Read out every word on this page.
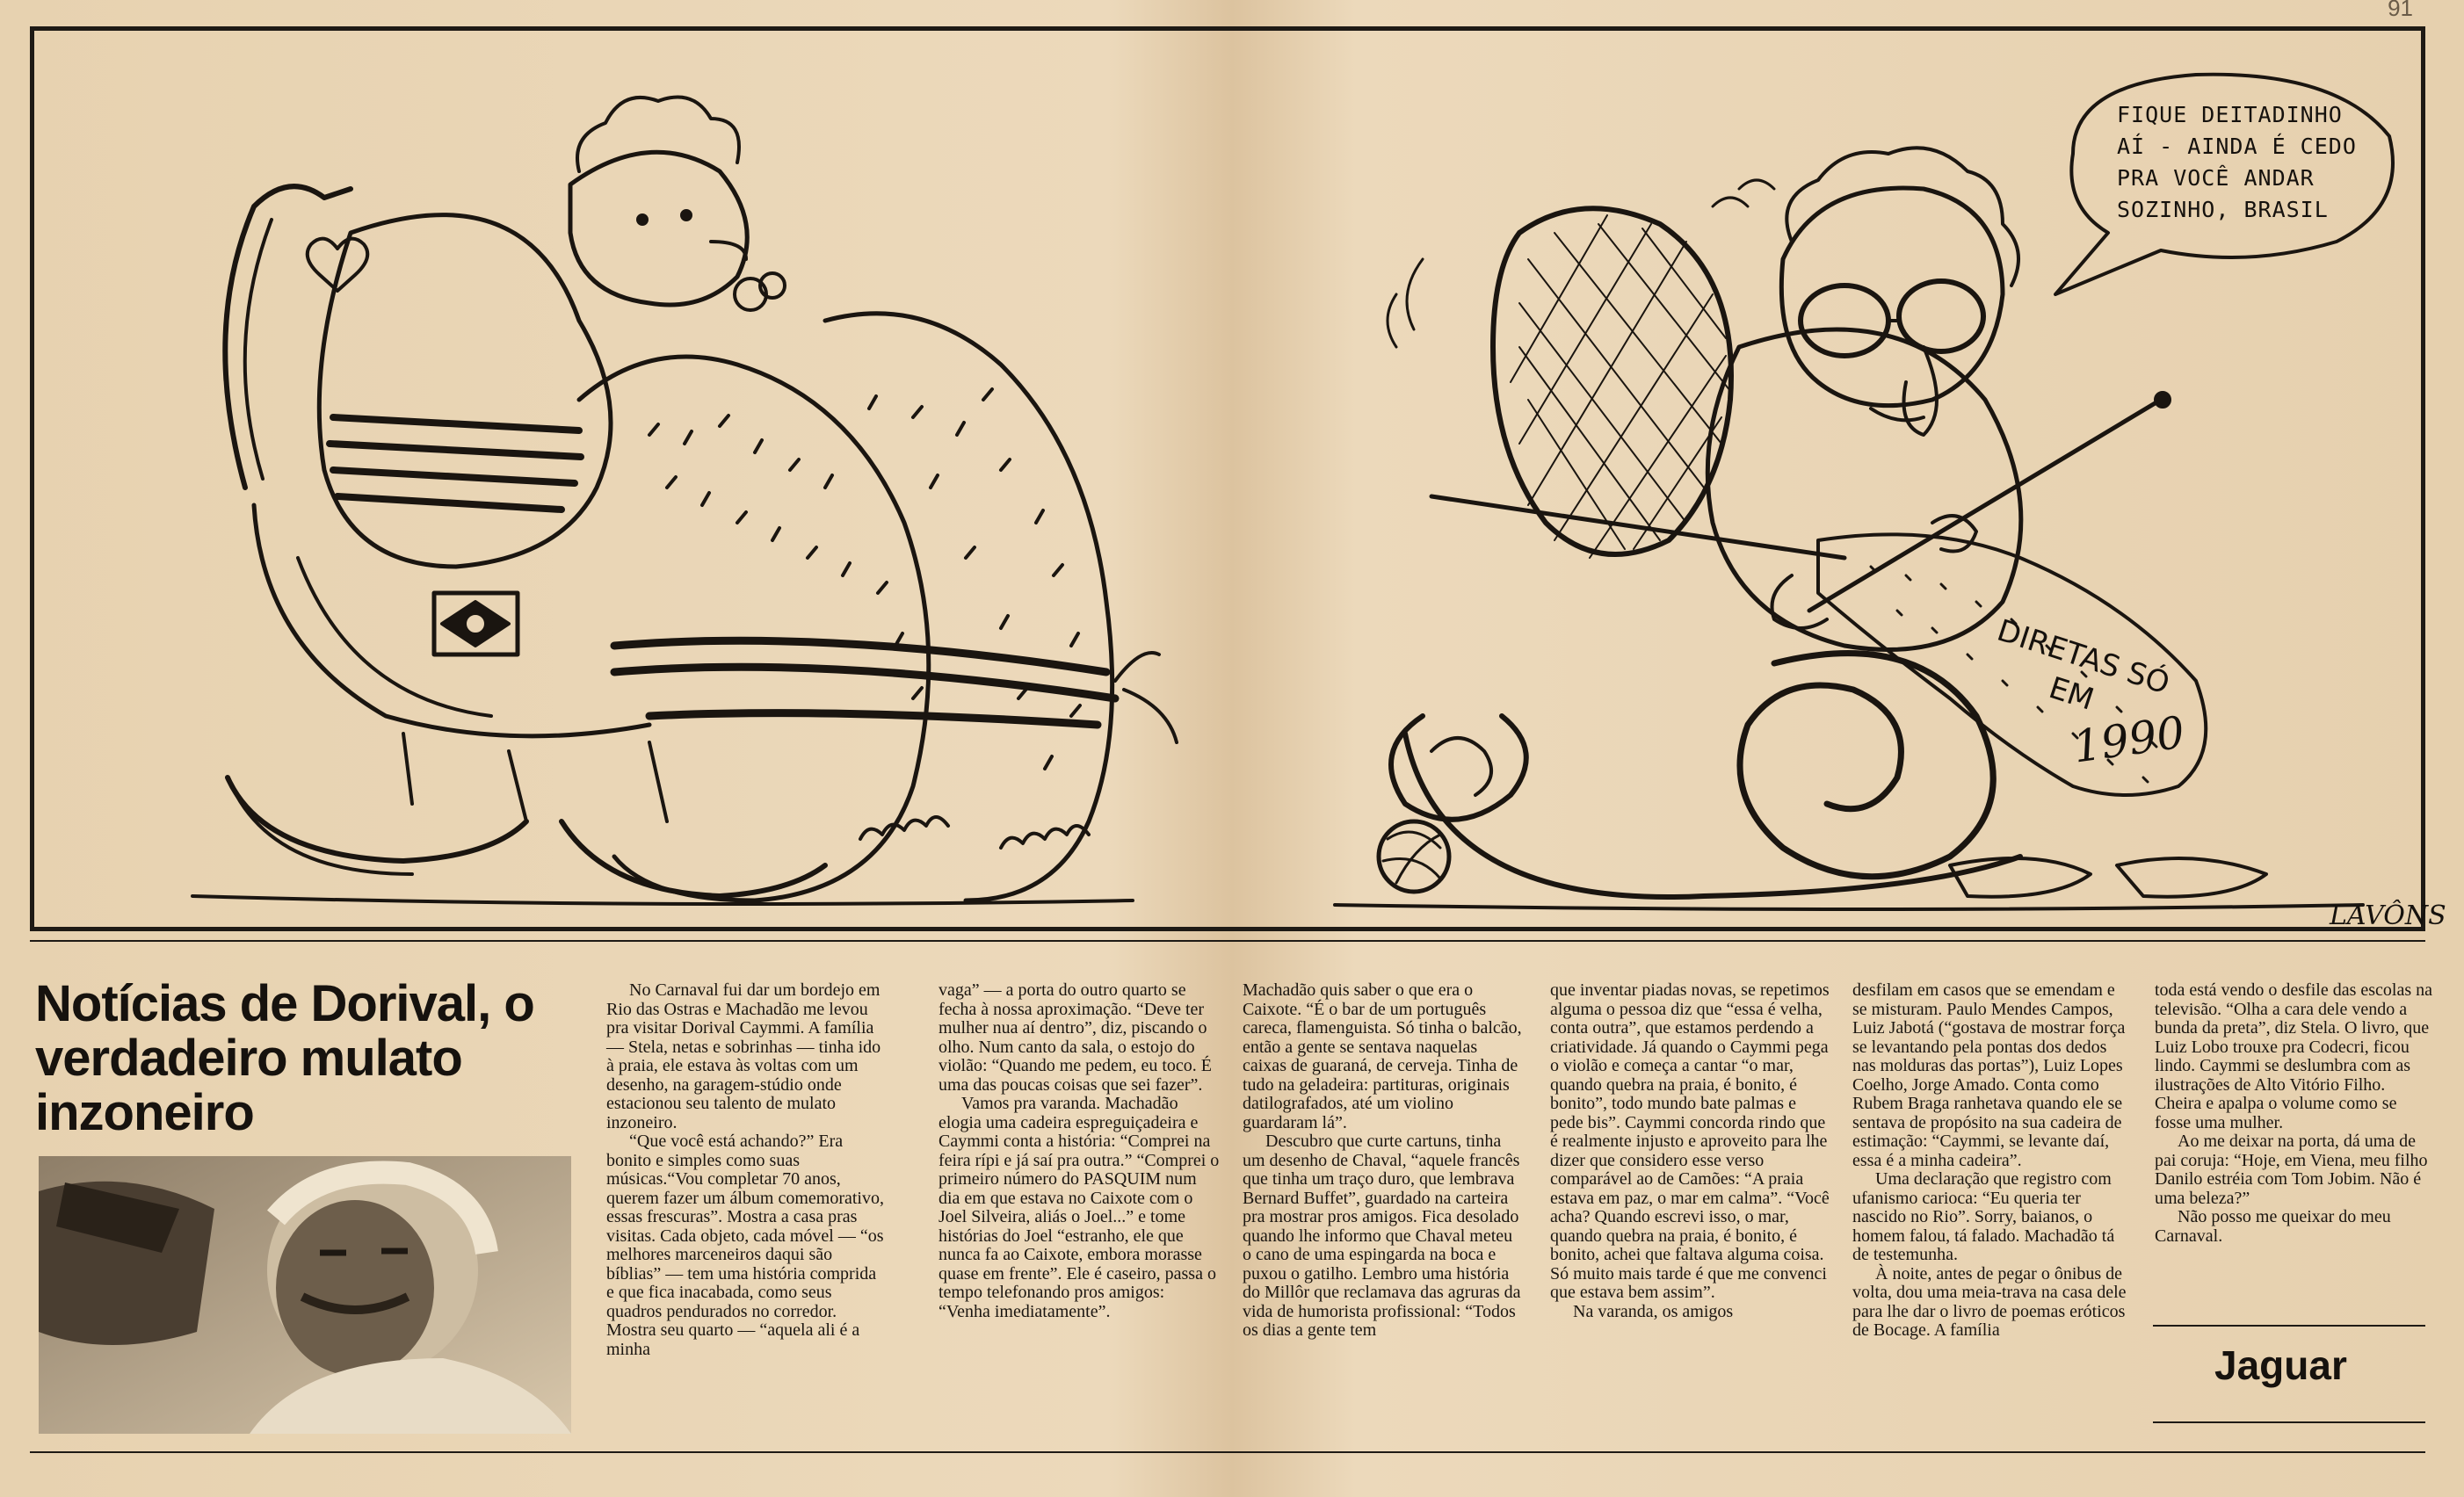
91
FIQUE DEITADINHO AÍ - AINDA É CEDO PRA VOCÊ ANDAR SOZINHO, BRASIL
DIRETAS SÓ EM
1990
LAVÔNS
Notícias de Dorival, o verdadeiro mulato inzoneiro

No Carnaval fui dar um bordejo em Rio das Ostras e Machadão me levou pra visitar Dorival Caymmi. A família — Stela, netas e sobrinhas — tinha ido à praia, ele estava às voltas com um desenho, na garagem-stúdio onde estacionou seu talento de mulato inzoneiro.

“Que você está achando?” Era bonito e simples como suas músicas.“Vou completar 70 anos, querem fazer um álbum comemorativo, essas frescuras”. Mostra a casa pras visitas. Cada objeto, cada móvel — “os melhores marceneiros daqui são bíblias” — tem uma história comprida e que fica inacabada, como seus quadros pendurados no corredor. Mostra seu quarto — “aquela ali é a minha

vaga” — a porta do outro quarto se fecha à nossa aproximação. “Deve ter mulher nua aí dentro”, diz, piscando o olho. Num canto da sala, o estojo do violão: “Quando me pedem, eu toco. É uma das poucas coisas que sei fazer”.

Vamos pra varanda. Machadão elogia uma cadeira espreguiçadeira e Caymmi conta a história: “Comprei na feira rípi e já saí pra outra.” “Comprei o primeiro número do PASQUIM num dia em que estava no Caixote com o Joel Silveira, aliás o Joel...” e tome histórias do Joel “estranho, ele que nunca fa ao Caixote, embora morasse quase em frente”. Ele é caseiro, passa o tempo telefonando pros amigos: “Venha imediatamente”.

Machadão quis saber o que era o Caixote. “É o bar de um português careca, flamenguista. Só tinha o balcão, então a gente se sentava naquelas caixas de guaraná, de cerveja. Tinha de tudo na geladeira: partituras, originais datilografados, até um violino guardaram lá”.

Descubro que curte cartuns, tinha um desenho de Chaval, “aquele francês que tinha um traço duro, que lembrava Bernard Buffet”, guardado na carteira pra mostrar pros amigos. Fica desolado quando lhe informo que Chaval meteu o cano de uma espingarda na boca e puxou o gatilho. Lembro uma história do Millôr que reclamava das agruras da vida de humorista profissional: “Todos os dias a gente tem

que inventar piadas novas, se repetimos alguma o pessoa diz que “essa é velha, conta outra”, que estamos perdendo a criatividade. Já quando o Caymmi pega o violão e começa a cantar “o mar, quando quebra na praia, é bonito, é bonito”, todo mundo bate palmas e pede bis”. Caymmi concorda rindo que é realmente injusto e aproveito para lhe dizer que considero esse verso comparável ao de Camões: “A praia estava em paz, o mar em calma”. “Você acha? Quando escrevi isso, o mar, quando quebra na praia, é bonito, é bonito, achei que faltava alguma coisa. Só muito mais tarde é que me convenci que estava bem assim”.

Na varanda, os amigos

desfilam em casos que se emendam e se misturam. Paulo Mendes Campos, Luiz Jabotá (“gostava de mostrar força se levantando pela pontas dos dedos nas molduras das portas”), Luiz Lopes Coelho, Jorge Amado. Conta como Rubem Braga ranhetava quando ele se sentava de propósito na sua cadeira de estimação: “Caymmi, se levante daí, essa é a minha cadeira”.

Uma declaração que registro com ufanismo carioca: “Eu queria ter nascido no Rio”. Sorry, baianos, o homem falou, tá falado. Machadão tá de testemunha.

À noite, antes de pegar o ônibus de volta, dou uma meia-trava na casa dele para lhe dar o livro de poemas eróticos de Bocage. A família

toda está vendo o desfile das escolas na televisão. “Olha a cara dele vendo a bunda da preta”, diz Stela. O livro, que Luiz Lobo trouxe pra Codecri, ficou lindo. Caymmi se deslumbra com as ilustrações de Alto Vitório Filho. Cheira e apalpa o volume como se fosse uma mulher.

Ao me deixar na porta, dá uma de pai coruja: “Hoje, em Viena, meu filho Danilo estréia com Tom Jobim. Não é uma beleza?”

Não posso me queixar do meu Carnaval.

Jaguar
